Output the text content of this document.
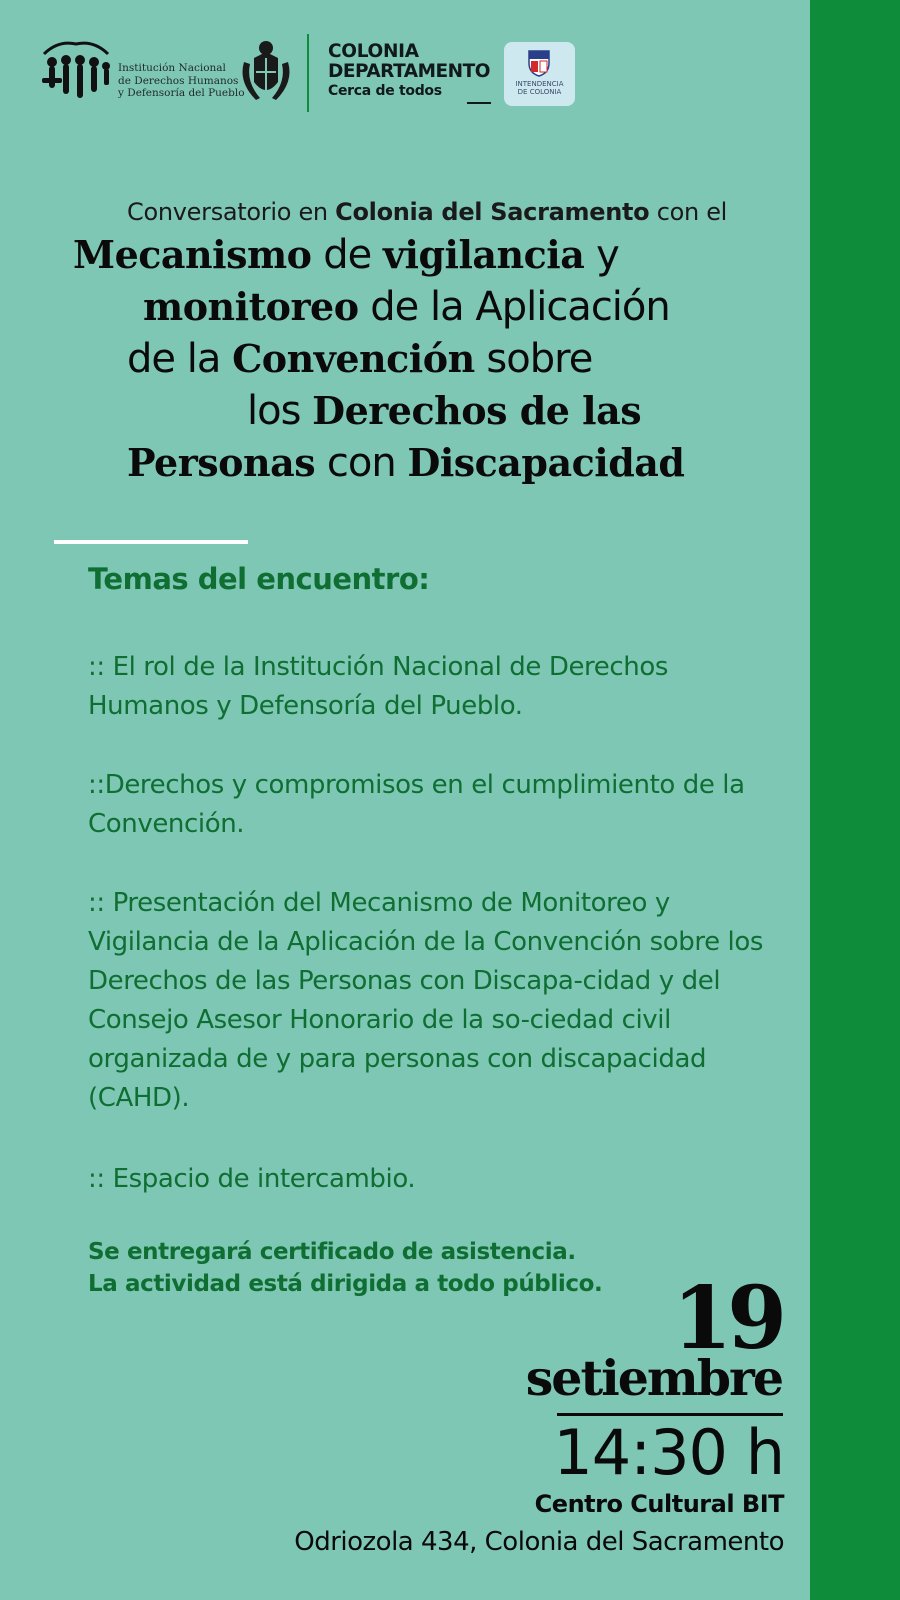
Institución Nacional
de Derechos Humanos
y Defensoría del Pueblo
COLONIA
DEPARTAMENTO
Cerca de todos	INTENDENCIA
DE COLONIA
Conversatorio en Colonia del Sacramento con el
Mecanismo de vigilancia y
monitoreo de la Aplicación
de la Convención sobre
los Derechos de las
Personas con Discapacidad
Temas del encuentro:
:: El rol de la Institución Nacional de Derechos Humanos y Defensoría del Pueblo.
::Derechos y compromisos en el cumplimiento de la Convención.
:: Presentación del Mecanismo de Monitoreo y Vigilancia de la Aplicación de la Convención sobre los Derechos de las Personas con Discapa-cidad y del Consejo Asesor Honorario de la so-ciedad civil organizada de y para personas con discapacidad (CAHD).
:: Espacio de intercambio.
Se entregará certificado de asistencia.
La actividad está dirigida a todo público. 19
setiembre
14:30 h
Centro Cultural BIT
Odriozola 434, Colonia del Sacramento
